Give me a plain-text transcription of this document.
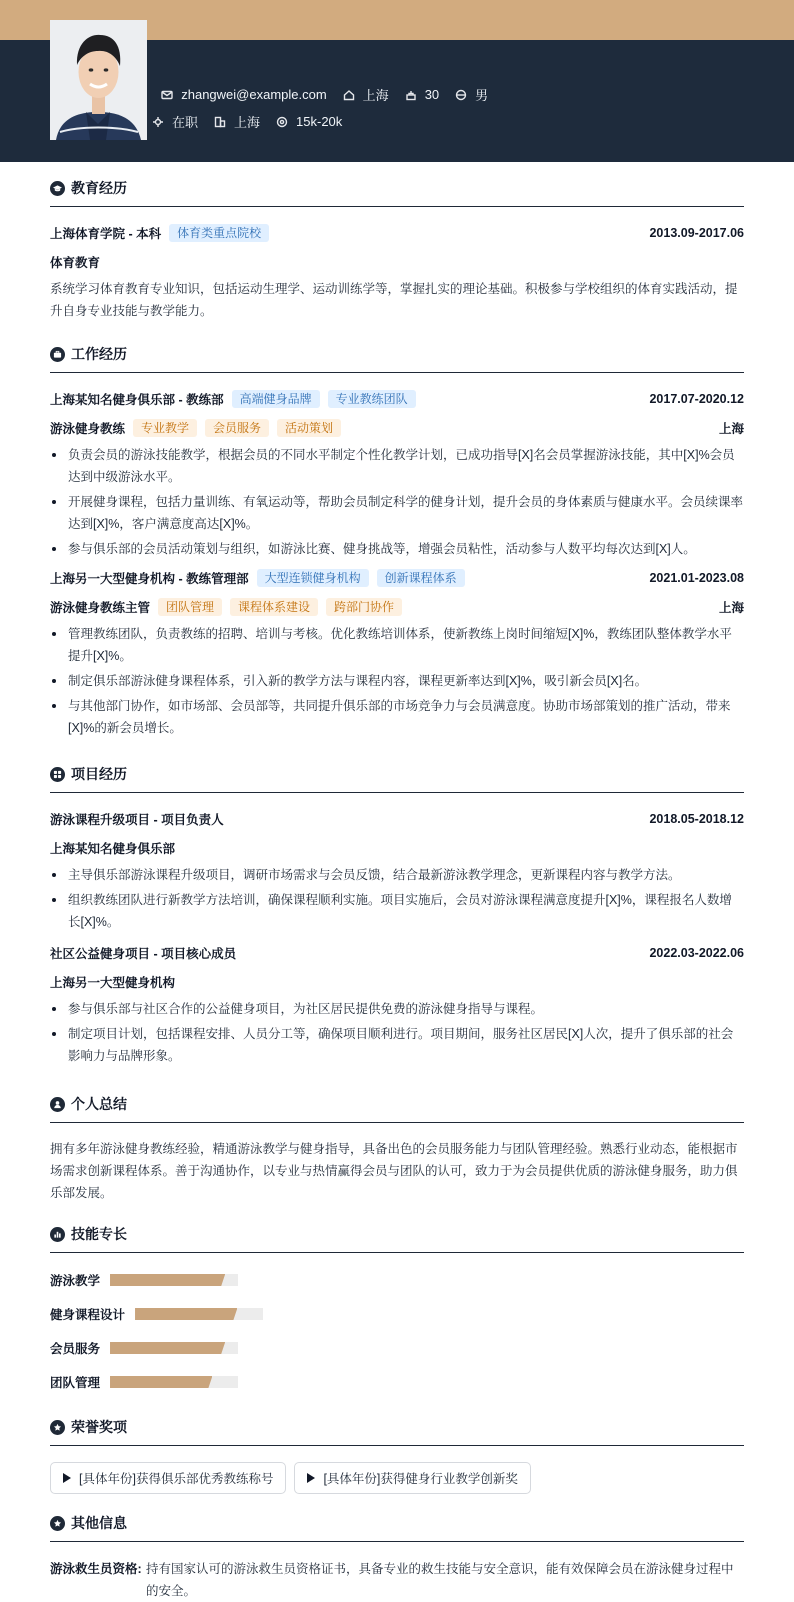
zhangwei@example.com	上海	30	男
在职	上海	15k-20k
教育经历
上海体育学院 - 本科	体育类重点院校	2013.09-2017.06
体育教育
系统学习体育教育专业知识，包括运动生理学、运动训练学等，掌握扎实的理论基础。积极参与学校组织的体育实践活动，提升自身专业技能与教学能力。
工作经历
上海某知名健身俱乐部 - 教练部	高端健身品牌	专业教练团队	2017.07-2020.12
游泳健身教练	专业教学	会员服务	活动策划	上海
负责会员的游泳技能教学，根据会员的不同水平制定个性化教学计划，已成功指导[X]名会员掌握游泳技能，其中[X]%会员达到中级游泳水平。
开展健身课程，包括力量训练、有氧运动等，帮助会员制定科学的健身计划，提升会员的身体素质与健康水平。会员续课率达到[X]%，客户满意度高达[X]%。
参与俱乐部的会员活动策划与组织，如游泳比赛、健身挑战等，增强会员粘性，活动参与人数平均每次达到[X]人。
上海另一大型健身机构 - 教练管理部	大型连锁健身机构	创新课程体系	2021.01-2023.08
游泳健身教练主管	团队管理	课程体系建设	跨部门协作	上海
管理教练团队，负责教练的招聘、培训与考核。优化教练培训体系，使新教练上岗时间缩短[X]%，教练团队整体教学水平提升[X]%。
制定俱乐部游泳健身课程体系，引入新的教学方法与课程内容，课程更新率达到[X]%，吸引新会员[X]名。
与其他部门协作，如市场部、会员部等，共同提升俱乐部的市场竞争力与会员满意度。协助市场部策划的推广活动，带来[X]%的新会员增长。
项目经历
游泳课程升级项目 - 项目负责人	2018.05-2018.12
上海某知名健身俱乐部
主导俱乐部游泳课程升级项目，调研市场需求与会员反馈，结合最新游泳教学理念，更新课程内容与教学方法。
组织教练团队进行新教学方法培训，确保课程顺利实施。项目实施后，会员对游泳课程满意度提升[X]%，课程报名人数增长[X]%。
社区公益健身项目 - 项目核心成员	2022.03-2022.06
上海另一大型健身机构
参与俱乐部与社区合作的公益健身项目，为社区居民提供免费的游泳健身指导与课程。
制定项目计划，包括课程安排、人员分工等，确保项目顺利进行。项目期间，服务社区居民[X]人次，提升了俱乐部的社会影响力与品牌形象。
个人总结
拥有多年游泳健身教练经验，精通游泳教学与健身指导，具备出色的会员服务能力与团队管理经验。熟悉行业动态，能根据市场需求创新课程体系。善于沟通协作，以专业与热情赢得会员与团队的认可，致力于为会员提供优质的游泳健身服务，助力俱乐部发展。
技能专长
游泳教学
健身课程设计
会员服务
团队管理
荣誉奖项
[具体年份]获得俱乐部优秀教练称号	[具体年份]获得健身行业教学创新奖
其他信息
游泳救生员资格: 持有国家认可的游泳救生员资格证书，具备专业的救生技能与安全意识，能有效保障会员在游泳健身过程中的安全。
